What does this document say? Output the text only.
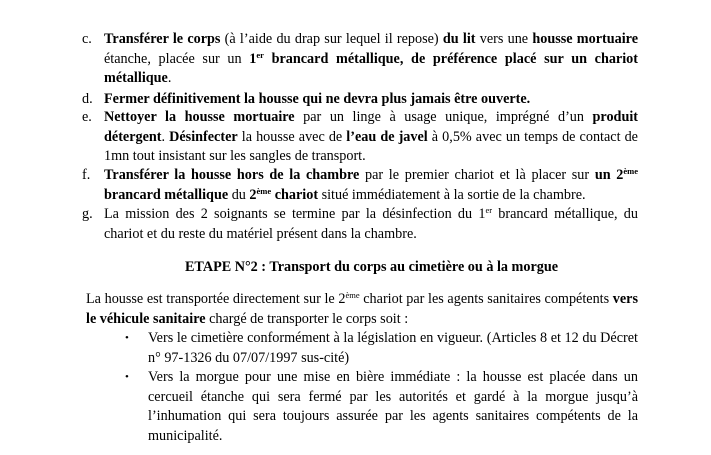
c. Transférer le corps (à l’aide du drap sur lequel il repose) du lit vers une housse mortuaire étanche, placée sur un 1er brancard métallique, de préférence placé sur un chariot métallique.
d. Fermer définitivement la housse qui ne devra plus jamais être ouverte.
e. Nettoyer la housse mortuaire par un linge à usage unique, imprégné d’un produit détergent. Désinfecter la housse avec de l’eau de javel à 0,5% avec un temps de contact de 1mn tout insistant sur les sangles de transport.
f. Transférer la housse hors de la chambre par le premier chariot et là placer sur un 2ème brancard métallique du 2ème chariot situé immédiatement à la sortie de la chambre.
g. La mission des 2 soignants se termine par la désinfection du 1er brancard métallique, du chariot et du reste du matériel présent dans la chambre.
ETAPE N°2 : Transport du corps au cimetière ou à la morgue
La housse est transportée directement sur le 2ème chariot par les agents sanitaires compétents vers le véhicule sanitaire chargé de transporter le corps soit :
• Vers le cimetière conformément à la législation en vigueur. (Articles 8 et 12 du Décret n° 97-1326 du 07/07/1997 sus-cité)
• Vers la morgue pour une mise en bière immédiate : la housse est placée dans un cercueil étanche qui sera fermé par les autorités et gardé à la morgue jusqu’à l’inhumation qui sera toujours assurée par les agents sanitaires compétents de la municipalité.
